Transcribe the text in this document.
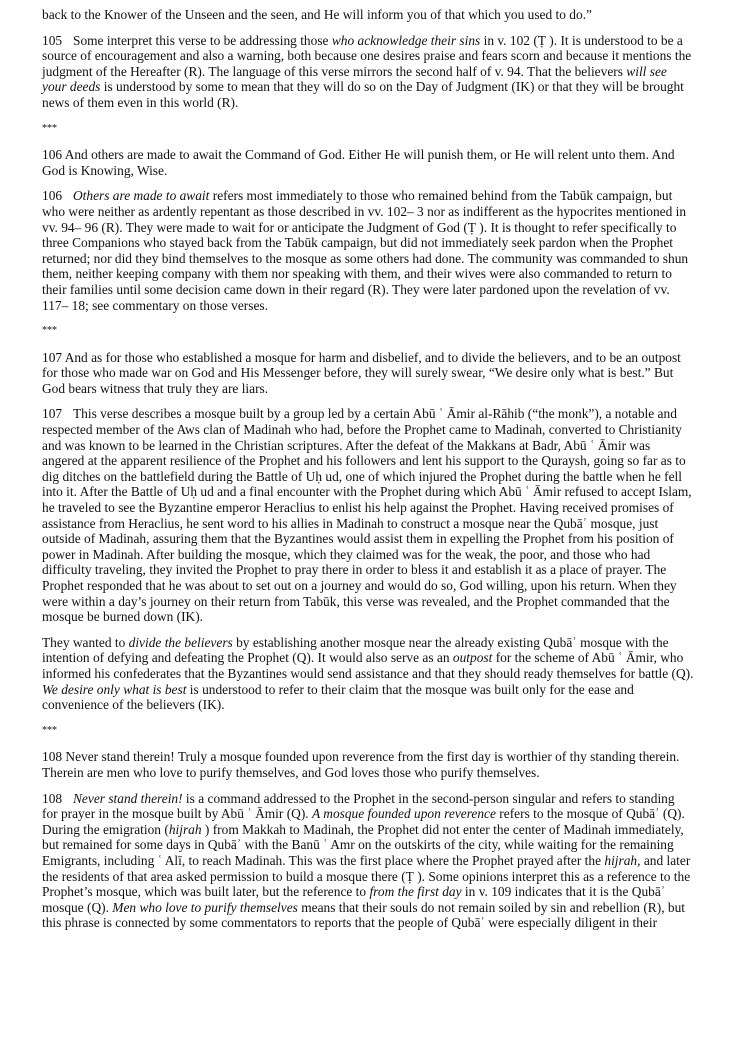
back to the Knower of the Unseen and the seen, and He will inform you of that which you used to do.”
105 Some interpret this verse to be addressing those who acknowledge their sins in v. 102 (Ṭ ). It is understood to be a
source of encouragement and also a warning, both because one desires praise and fears scorn and because it mentions the
judgment of the Hereafter (R). The language of this verse mirrors the second half of v. 94. That the believers will see
your deeds is understood by some to mean that they will do so on the Day of Judgment (IK) or that they will be brought
news of them even in this world (R).
***
106 And others are made to await the Command of God. Either He will punish them, or He will relent unto them. And
God is Knowing, Wise.
106 Others are made to await refers most immediately to those who remained behind from the Tabūk campaign, but
who were neither as ardently repentant as those described in vv. 102– 3 nor as indifferent as the hypocrites mentioned in
vv. 94– 96 (R). They were made to wait for or anticipate the Judgment of God (Ṭ ). It is thought to refer specifically to
three Companions who stayed back from the Tabūk campaign, but did not immediately seek pardon when the Prophet
returned; nor did they bind themselves to the mosque as some others had done. The community was commanded to shun
them, neither keeping company with them nor speaking with them, and their wives were also commanded to return to
their families until some decision came down in their regard (R). They were later pardoned upon the revelation of vv.
117– 18; see commentary on those verses.
***
107 And as for those who established a mosque for harm and disbelief, and to divide the believers, and to be an outpost
for those who made war on God and His Messenger before, they will surely swear, “We desire only what is best.” But
God bears witness that truly they are liars.
107 This verse describes a mosque built by a group led by a certain Abū ʿ Āmir al-Rāhib (“the monk”), a notable and
respected member of the Aws clan of Madinah who had, before the Prophet came to Madinah, converted to Christianity
and was known to be learned in the Christian scriptures. After the defeat of the Makkans at Badr, Abū ʿ Āmir was
angered at the apparent resilience of the Prophet and his followers and lent his support to the Quraysh, going so far as to
dig ditches on the battlefield during the Battle of Uḥ ud, one of which injured the Prophet during the battle when he fell
into it. After the Battle of Uḥ ud and a final encounter with the Prophet during which Abū ʿ Āmir refused to accept Islam,
he traveled to see the Byzantine emperor Heraclius to enlist his help against the Prophet. Having received promises of
assistance from Heraclius, he sent word to his allies in Madinah to construct a mosque near the Qubāʾ mosque, just
outside of Madinah, assuring them that the Byzantines would assist them in expelling the Prophet from his position of
power in Madinah. After building the mosque, which they claimed was for the weak, the poor, and those who had
difficulty traveling, they invited the Prophet to pray there in order to bless it and establish it as a place of prayer. The
Prophet responded that he was about to set out on a journey and would do so, God willing, upon his return. When they
were within a day’s journey on their return from Tabūk, this verse was revealed, and the Prophet commanded that the
mosque be burned down (IK).
They wanted to divide the believers by establishing another mosque near the already existing Qubāʾ mosque with the
intention of defying and defeating the Prophet (Q). It would also serve as an outpost for the scheme of Abū ʿ Āmir, who
informed his confederates that the Byzantines would send assistance and that they should ready themselves for battle (Q).
We desire only what is best is understood to refer to their claim that the mosque was built only for the ease and
convenience of the believers (IK).
***
108 Never stand therein! Truly a mosque founded upon reverence from the first day is worthier of thy standing therein.
Therein are men who love to purify themselves, and God loves those who purify themselves.
108 Never stand therein! is a command addressed to the Prophet in the second-person singular and refers to standing
for prayer in the mosque built by Abū ʿ Āmir (Q). A mosque founded upon reverence refers to the mosque of Qubāʾ (Q).
During the emigration (hijrah ) from Makkah to Madinah, the Prophet did not enter the center of Madinah immediately,
but remained for some days in Qubāʾ with the Banū ʿ Amr on the outskirts of the city, while waiting for the remaining
Emigrants, including ʿ Alī, to reach Madinah. This was the first place where the Prophet prayed after the hijrah, and later
the residents of that area asked permission to build a mosque there (Ṭ ). Some opinions interpret this as a reference to the
Prophet’s mosque, which was built later, but the reference to from the first day in v. 109 indicates that it is the Qubāʾ
mosque (Q). Men who love to purify themselves means that their souls do not remain soiled by sin and rebellion (R), but
this phrase is connected by some commentators to reports that the people of Qubāʾ were especially diligent in their
